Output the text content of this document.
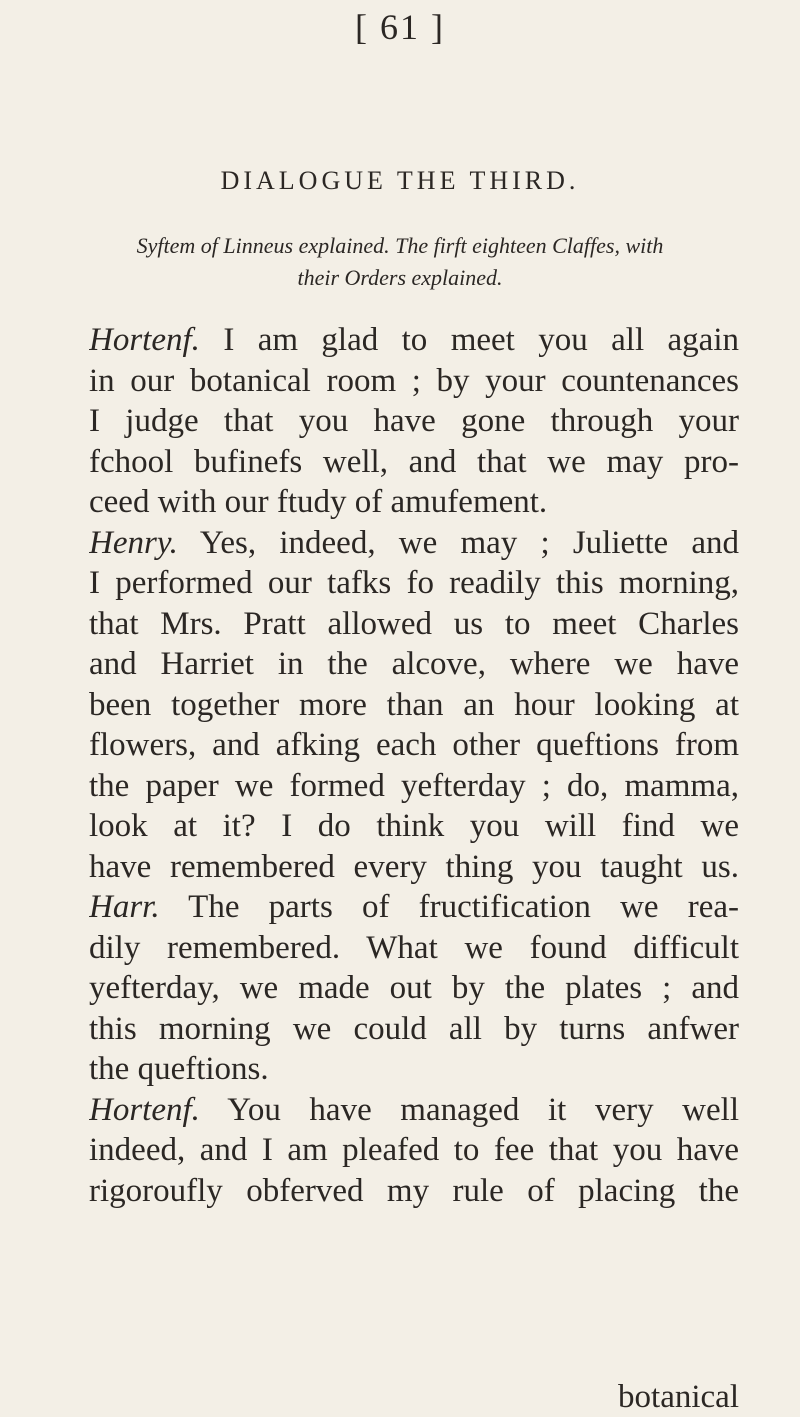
[ 61 ]
DIALOGUE THE THIRD.
Syftem of Linneus explained. The firft eighteen Claffes, with
their Orders explained.
Hortenf. I am glad to meet you all again
in our botanical room ; by your countenances
I judge that you have gone through your
fchool bufinefs well, and that we may pro-
ceed with our ftudy of amufement.
Henry. Yes, indeed, we may ; Juliette and
I performed our tafks fo readily this morning,
that Mrs. Pratt allowed us to meet Charles
and Harriet in the alcove, where we have
been together more than an hour looking at
flowers, and afking each other queftions from
the paper we formed yefterday ; do, mamma,
look at it? I do think you will find we
have remembered every thing you taught us.
Harr. The parts of fructification we rea-
dily remembered. What we found difficult
yefterday, we made out by the plates ; and
this morning we could all by turns anfwer
the queftions.
Hortenf. You have managed it very well
indeed, and I am pleafed to fee that you have
rigoroufly obferved my rule of placing the
botanical
